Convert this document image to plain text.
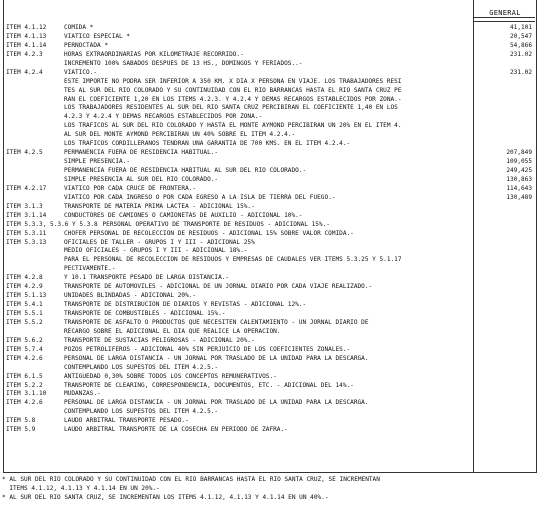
GENERAL
ITEM 4.1.12	COMIDA *	41,101
ITEM 4.1.13	VIATICO ESPECIAL *	20,547
ITEM 4.1.14	PERNOCTADA *	54,866
ITEM 4.2.3	HORAS EXTRAORDINARIAS POR KILOMETRAJE RECORRIDO.-	231.02
INCREMENTO 100% SABADOS DESPUES DE 13 HS., DOMINGOS Y FERIADOS..-
ITEM 4.2.4	VIATICO.-	231.02
ESTE IMPORTE NO PODRA SER INFERIOR A 350 KM. X DIA X PERSONA EN VIAJE. LOS TRABAJADORES RESI
TES AL SUR DEL RIO COLORADO Y SU CONTINUIDAD CON EL RIO BARRANCAS HASTA EL RIO SANTA CRUZ PE
RAN EL COEFICIENTE 1,20 EN LOS ITEMS 4.2.3. Y 4.2.4 Y DEMAS RECARGOS ESTABLECIDOS POR ZONA.-
LOS TRABAJADORES RESIDENTES AL SUR DEL RIO SANTA CRUZ PERCIBIRAN EL COEFICIENTE 1,40 EN LOS
4.2.3 Y 4.2.4 Y DEMAS RECARGOS ESTABLECIDOS POR ZONA.-
LOS TRAFICOS AL SUR DEL RIO COLORADO Y HASTA EL MONTE AYMOND PERCIBIRAN UN 20% EN EL ITEM 4.
AL SUR DEL MONTE AYMOND PERCIBIRAN UN 40% SOBRE EL ITEM 4.2.4.-
LOS TRAFICOS CORDILLERANOS TENDRAN UNA GARANTIA DE 700 KMS. EN EL ITEM 4.2.4.-
ITEM 4.2.5	PERMANENCIA FUERA DE RESIDENCIA HABITUAL.-	207,849
SIMPLE PRESENCIA.-	109,055
PERMANENCIA FUERA DE RESIDENCIA HABITUAL AL SUR DEL RIO COLORADO.-	249,425
SIMPLE PRESENCIA AL SUR DEL RIO COLORADO.-	130,863
ITEM 4.2.17	VIATICO POR CADA CRUCE DE FRONTERA.-	114,643
VIATICO POR CADA INGRESO O POR CADA EGRESO A LA ISLA DE TIERRA DEL FUEGO.-	130,489
ITEM 3.1.3	TRANSPORTE DE MATERIA PRIMA LACTEA - ADICIONAL 15%.-
ITEM 3.1.14	CONDUCTORES DE CAMIONES O CAMIONETAS DE AUXILIO - ADICIONAL 10%.-
ITEM 5.3.3, 5.3.6 Y 5.3.8 PERSONAL OPERATIVO DE TRANSPORTE DE RESIDUOS - ADICIONAL 15%.-
ITEM 5.3.11	CHOFER PERSONAL DE RECOLECCION DE RESIDUOS - ADICIONAL 15% SOBRE VALOR COMIDA.-
ITEM 5.3.13	OFICIALES DE TALLER - GRUPOS I Y III - ADICIONAL 25%
MEDIO OFICIALES - GRUPOS I Y III - ADICIONAL 18%.-
PARA EL PERSONAL DE RECOLECCION DE RESIDUOS Y EMPRESAS DE CAUDALES VER ITEMS 5.3.25 Y 5.1.17
PECTIVAMENTE.-
ITEM 4.2.8	Y 10.1 TRANSPORTE PESADO DE LARGA DISTANCIA.-
ITEM 4.2.9	TRANSPORTE DE AUTOMOVILES - ADICIONAL DE UN JORNAL DIARIO POR CADA VIAJE REALIZADO.-
ITEM 5.1.13	UNIDADES BLINDADAS - ADICIONAL 20%.-
ITEM 5.4.1	TRANSPORTE DE DISTRIBUCION DE DIARIOS Y REVISTAS - ADICIONAL 12%.-
ITEM 5.5.1	TRANSPORTE DE COMBUSTIBLES - ADICIONAL 15%.-
ITEM 5.5.2	TRANSPORTE DE ASFALTO O PRODUCTOS QUE NECESITEN CALENTAMIENTO - UN JORNAL DIARIO DE
RECARGO SOBRE EL ADICIONAL EL DIA QUE REALICE LA OPERACION.
ITEM 5.6.2	TRANSPORTE DE SUSTACIAS PELIGROSAS - ADICIONAL 20%.-
ITEM 5.7.4	POZOS PETROLIFEROS - ADICIONAL 40% SIN PERJUICIO DE LOS COEFICIENTES ZONALES.-
ITEM 4.2.6	PERSONAL DE LARGA DISTANCIA - UN JORNAL POR TRASLADO DE LA UNIDAD PARA LA DESCARGA.
CONTEMPLANDO LOS SUPESTOS DEL ITEM 4.2.5.-
ITEM 6.1.5	ANTIGUEDAD 0,30% SOBRE TODOS LOS CONCEPTOS REMUNERATIVOS.-
ITEM 5.2.2	TRANSPORTE DE CLEARING, CORRESPONDENCIA, DOCUMENTOS, ETC. - ADICIONAL DEL 14%.-
ITEM 3.1.10	MUDANZAS.-
ITEM 4.2.6	PERSONAL DE LARGA DISTANCIA - UN JORNAL POR TRASLADO DE LA UNIDAD PARA LA DESCARGA.
CONTEMPLANDO LOS SUPESTOS DEL ITEM 4.2.5.-
ITEM 5.8	LAUDO ARBITRAL TRANSPORTE PESADO.-
ITEM 5.9	LAUDO ARBITRAL TRANSPORTE DE LA COSECHA EN PERIODO DE ZAFRA.-
* AL SUR DEL RIO COLORADO Y SU CONTINUIDAD CON EL RIO BARRANCAS HASTA EL RIO SANTA CRUZ, SE INCREMENTAN
ITEMS 4.1.12, 4.1.13 Y 4.1.14 EN UN 20%.-
* AL SUR DEL RIO SANTA CRUZ, SE INCREMENTAN LOS ITEMS 4.1.12, 4.1.13 Y 4.1.14 EN UN 40%.-
